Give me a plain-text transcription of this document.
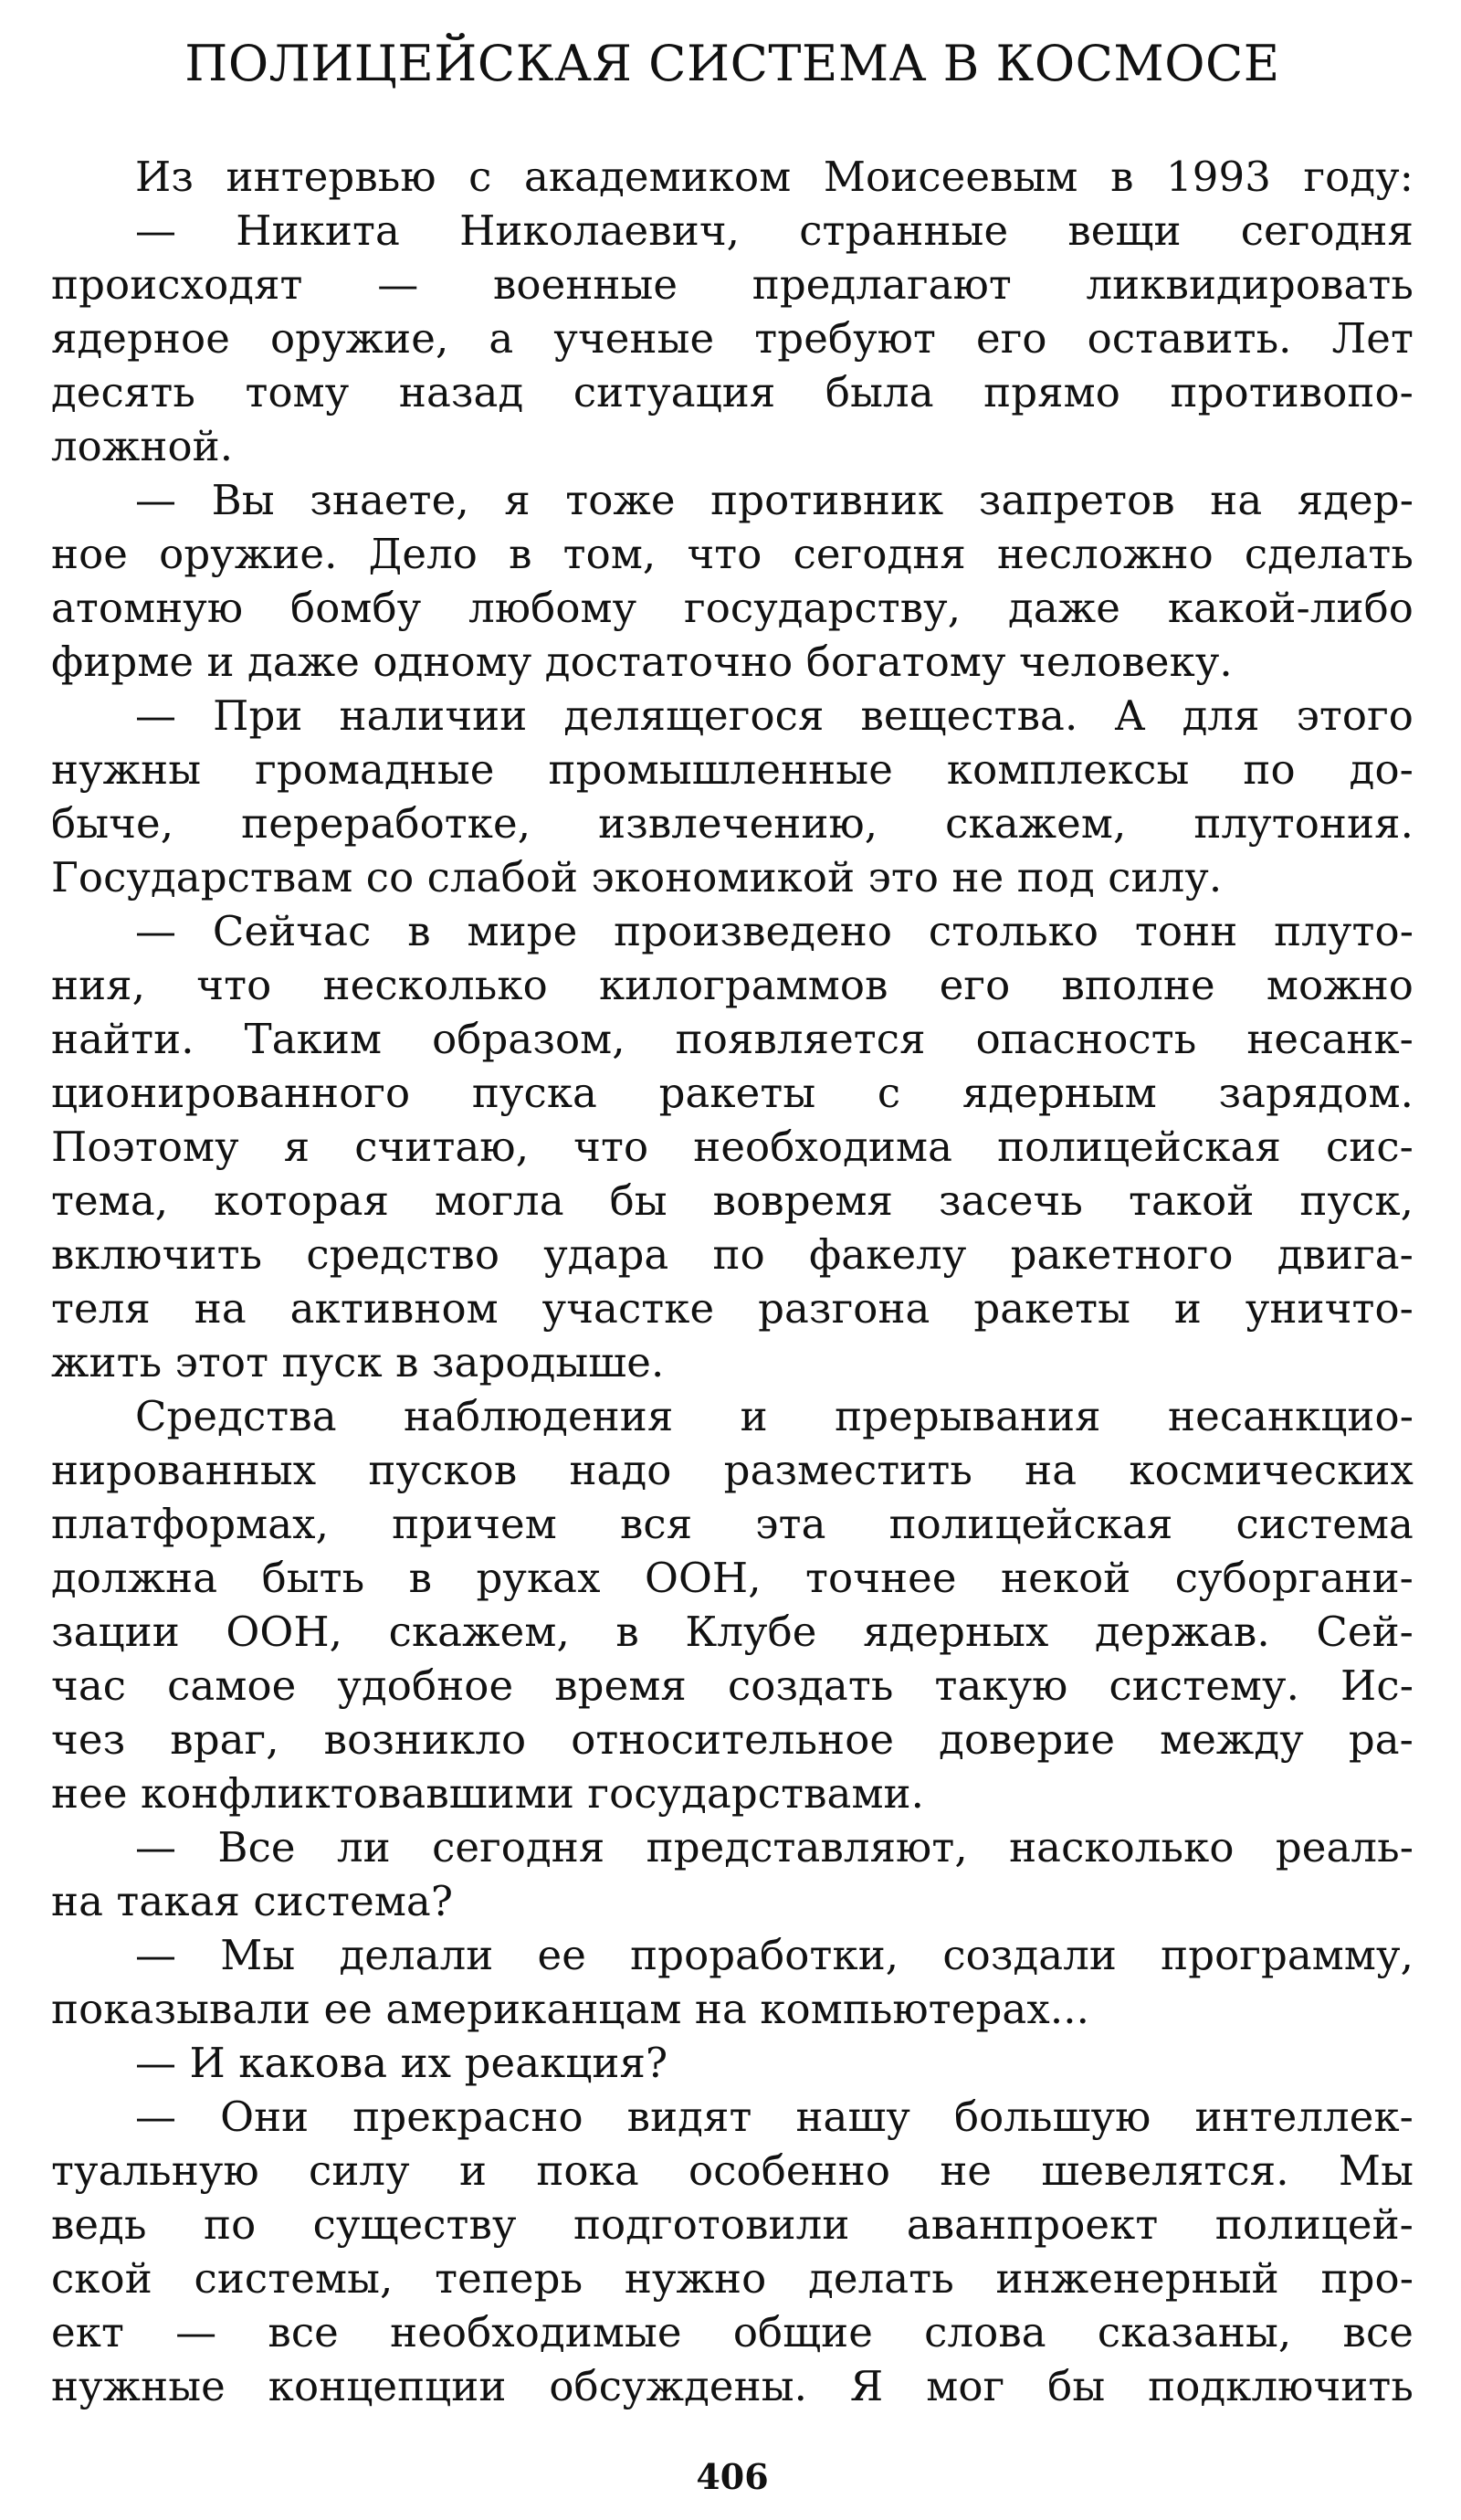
ПОЛИЦЕЙСКАЯ СИСТЕМА В КОСМОСЕ
Из интервью с академиком Моисеевым в 1993 году:
— Никита Николаевич, странные вещи сегодня
происходят — военные предлагают ликвидировать
ядерное оружие, а ученые требуют его оставить. Лет
десять тому назад ситуация была прямо противопо-
ложной.
— Вы знаете, я тоже противник запретов на ядер-
ное оружие. Дело в том, что сегодня несложно сделать
атомную бомбу любому государству, даже какой-либо
фирме и даже одному достаточно богатому человеку.
— При наличии делящегося вещества. А для этого
нужны громадные промышленные комплексы по до-
быче, переработке, извлечению, скажем, плутония.
Государствам со слабой экономикой это не под силу.
— Сейчас в мире произведено столько тонн плуто-
ния, что несколько килограммов его вполне можно
найти. Таким образом, появляется опасность несанк-
ционированного пуска ракеты с ядерным зарядом.
Поэтому я считаю, что необходима полицейская сис-
тема, которая могла бы вовремя засечь такой пуск,
включить средство удара по факелу ракетного двига-
теля на активном участке разгона ракеты и уничто-
жить этот пуск в зародыше.
Средства наблюдения и прерывания несанкцио-
нированных пусков надо разместить на космических
платформах, причем вся эта полицейская система
должна быть в руках ООН, точнее некой суборгани-
зации ООН, скажем, в Клубе ядерных держав. Сей-
час самое удобное время создать такую систему. Ис-
чез враг, возникло относительное доверие между ра-
нее конфликтовавшими государствами.
— Все ли сегодня представляют, насколько реаль-
на такая система?
— Мы делали ее проработки, создали программу,
показывали ее американцам на компьютерах...
— И какова их реакция?
— Они прекрасно видят нашу большую интеллек-
туальную силу и пока особенно не шевелятся. Мы
ведь по существу подготовили аванпроект полицей-
ской системы, теперь нужно делать инженерный про-
ект — все необходимые общие слова сказаны, все
нужные концепции обсуждены. Я мог бы подключить
406
